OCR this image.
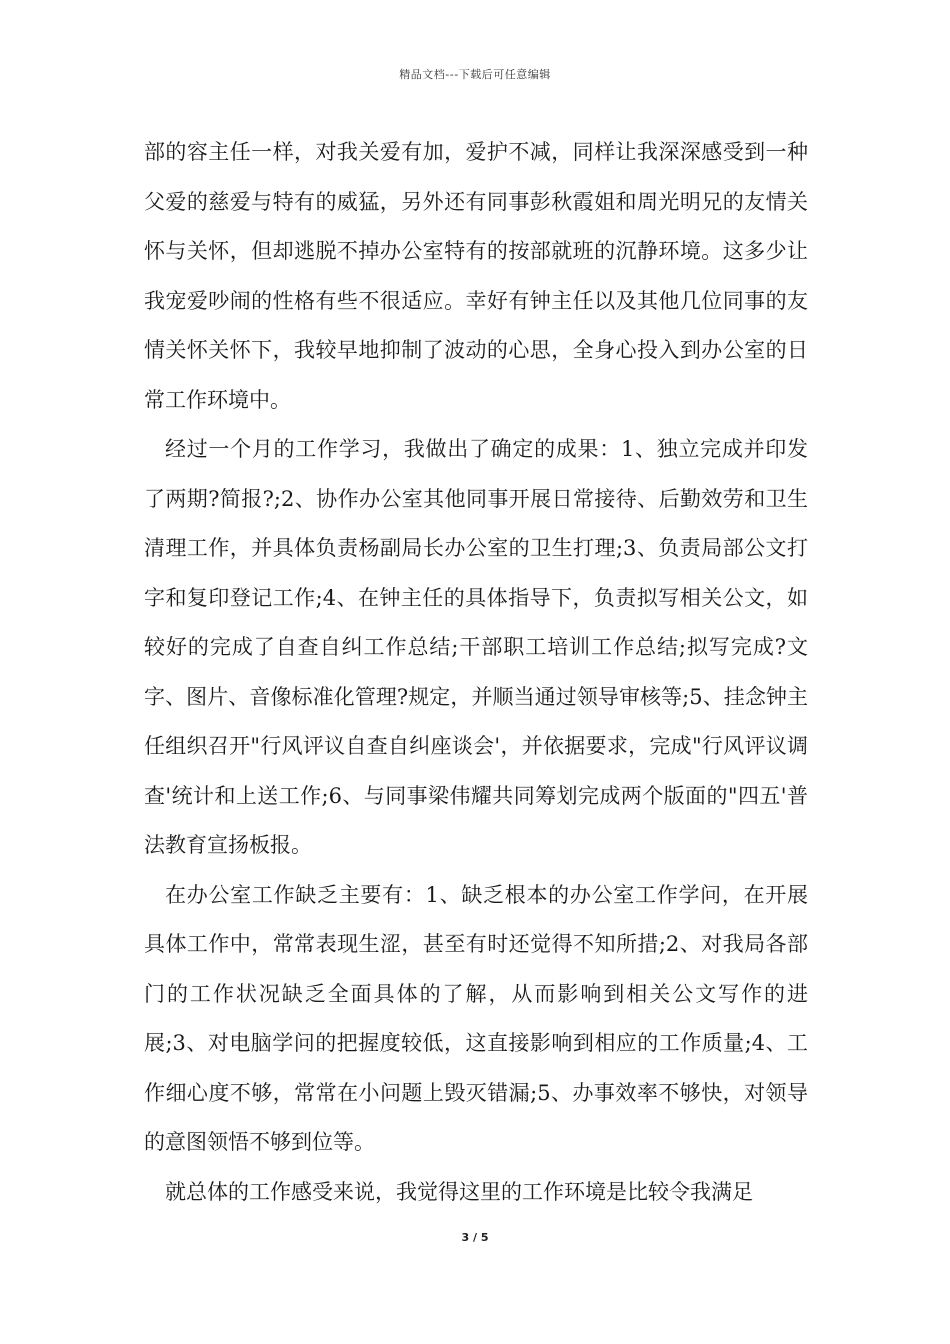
精品文档---下载后可任意编辑

部的容主任一样，对我关爱有加，爱护不减，同样让我深深感受到一种父爱的慈爱与特有的威猛，另外还有同事彭秋霞姐和周光明兄的友情关怀与关怀，但却逃脱不掉办公室特有的按部就班的沉静环境。这多少让我宠爱吵闹的性格有些不很适应。幸好有钟主任以及其他几位同事的友情关怀关怀下，我较早地抑制了波动的心思，全身心投入到办公室的日常工作环境中。

经过一个月的工作学习，我做出了确定的成果：1、独立完成并印发了两期?简报?;2、协作办公室其他同事开展日常接待、后勤效劳和卫生清理工作，并具体负责杨副局长办公室的卫生打理;3、负责局部公文打字和复印登记工作;4、在钟主任的具体指导下，负责拟写相关公文，如较好的完成了自查自纠工作总结;干部职工培训工作总结;拟写完成?文字、图片、音像标准化管理?规定，并顺当通过领导审核等;5、挂念钟主任组织召开"行风评议自查自纠座谈会'，并依据要求，完成"行风评议调查'统计和上送工作;6、与同事梁伟耀共同筹划完成两个版面的"四五'普法教育宣扬板报。

在办公室工作缺乏主要有：1、缺乏根本的办公室工作学问，在开展具体工作中，常常表现生涩，甚至有时还觉得不知所措;2、对我局各部门的工作状况缺乏全面具体的了解，从而影响到相关公文写作的进展;3、对电脑学问的把握度较低，这直接影响到相应的工作质量;4、工作细心度不够，常常在小问题上毁灭错漏;5、办事效率不够快，对领导的意图领悟不够到位等。

就总体的工作感受来说，我觉得这里的工作环境是比较令我满足

3 / 5
